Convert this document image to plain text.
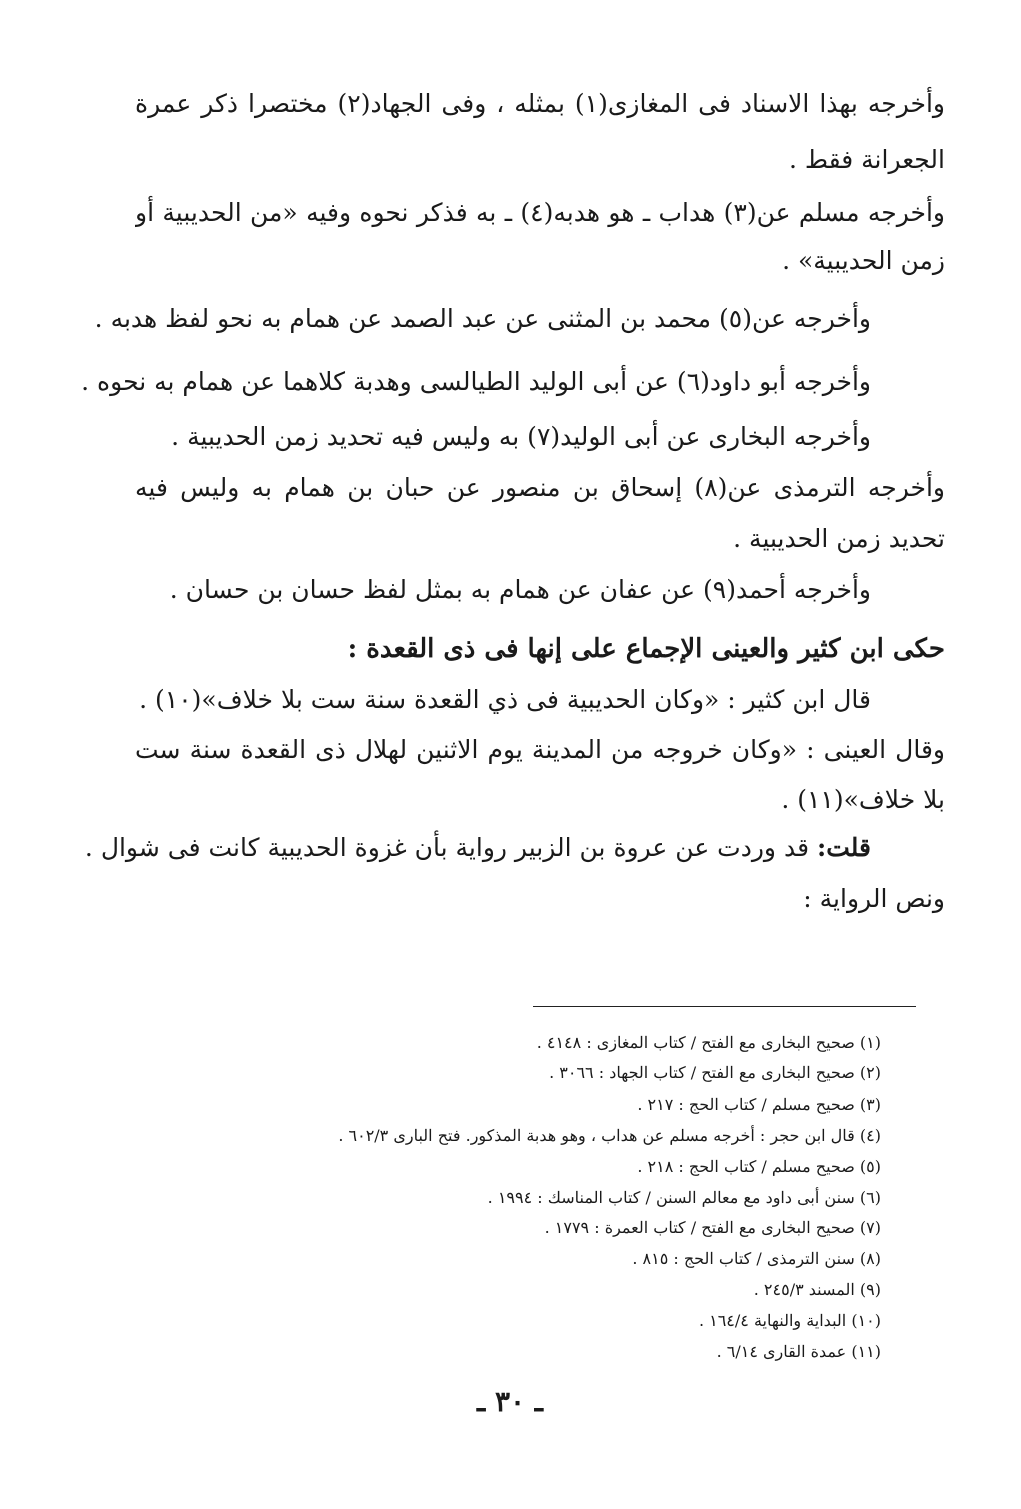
وأخرجه بهذا الاسناد فى المغازى(١) بمثله ، وفى الجهاد(٢) مختصرا ذكر عمرة
الجعرانة فقط .
وأخرجه مسلم عن(٣) هداب ـ هو هدبه(٤) ـ به فذكر نحوه وفيه «من الحديبية أو
زمن الحديبية» .
وأخرجه عن(٥) محمد بن المثنى عن عبد الصمد عن همام به نحو لفظ هدبه .
وأخرجه أبو داود(٦) عن أبى الوليد الطيالسى وهدبة كلاهما عن همام به نحوه .
وأخرجه البخارى عن أبى الوليد(٧) به وليس فيه تحديد زمن الحديبية .
وأخرجه الترمذى عن(٨) إسحاق بن منصور عن حبان بن همام به وليس فيه
تحديد زمن الحديبية .
وأخرجه أحمد(٩) عن عفان عن همام به بمثل لفظ حسان بن حسان .
حكى ابن كثير والعينى الإجماع على إنها فى ذى القعدة :
قال ابن كثير : «وكان الحديبية فى ذي القعدة سنة ست بلا خلاف»(١٠) .
وقال العينى : «وكان خروجه من المدينة يوم الاثنين لهلال ذى القعدة سنة ست
بلا خلاف»(١١) .
قلت: قد وردت عن عروة بن الزبير رواية بأن غزوة الحديبية كانت فى شوال .
ونص الرواية :
(١) صحيح البخارى مع الفتح / كتاب المغازى : ٤١٤٨ .
(٢) صحيح البخارى مع الفتح / كتاب الجهاد : ٣٠٦٦ .
(٣) صحيح مسلم / كتاب الحج : ٢١٧ .
(٤) قال ابن حجر : أخرجه مسلم عن هداب ، وهو هدبة المذكور. فتح البارى ٦٠٢/٣ .
(٥) صحيح مسلم / كتاب الحج : ٢١٨ .
(٦) سنن أبى داود مع معالم السنن / كتاب المناسك : ١٩٩٤ .
(٧) صحيح البخارى مع الفتح / كتاب العمرة : ١٧٧٩ .
(٨) سنن الترمذى / كتاب الحج : ٨١٥ .
(٩) المسند ٢٤٥/٣ .
(١٠) البداية والنهاية ١٦٤/٤ .
(١١) عمدة القارى ٦/١٤ .
ـ ٣٠ ـ
